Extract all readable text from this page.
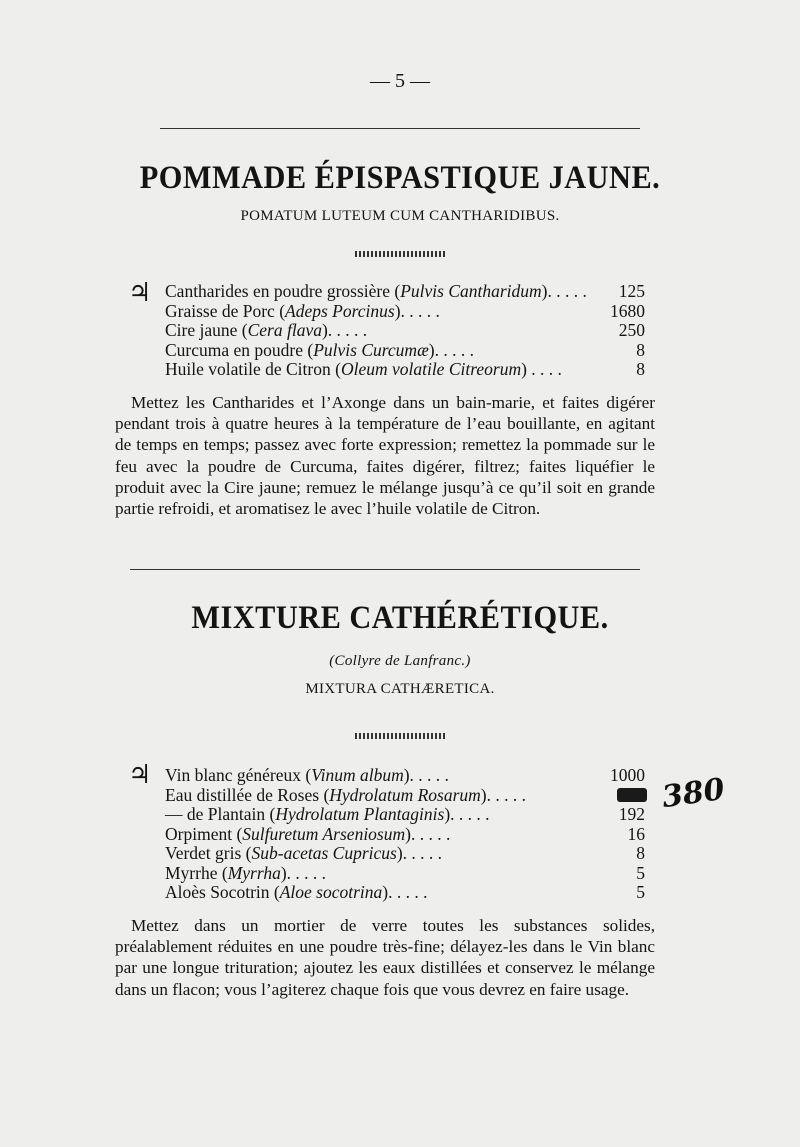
— 5 —
POMMADE ÉPISPASTIQUE JAUNE.
POMATUM LUTEUM CUM CANTHARIDIBUS.
♃ Cantharides en poudre grossière (Pulvis Cantharidum). . . . .	125
Graisse de Porc (Adeps Porcinus). . . . .	1680
Cire jaune (Cera flava). . . . .	250
Curcuma en poudre (Pulvis Curcumæ). . . . .	8
Huile volatile de Citron (Oleum volatile Citreorum) . . . .	8
Mettez les Cantharides et l’Axonge dans un bain-marie, et faites digérer pendant trois à quatre heures à la température de l’eau bouillante, en agitant de temps en temps; passez avec forte expression; remettez la pommade sur le feu avec la poudre de Curcuma, faites digérer, filtrez; faites liquéfier le produit avec la Cire jaune; remuez le mélange jusqu’à ce qu’il soit en grande partie refroidi, et aromatisez le avec l’huile volatile de Citron.
MIXTURE CATHÉRÉTIQUE.
(Collyre de Lanfranc.)
MIXTURA CATHÆRETICA.
♃ Vin blanc généreux (Vinum album). . . . .	1000
Eau distillée de Roses (Hydrolatum Rosarum). . . . .
— de Plantain (Hydrolatum Plantaginis). . . . .	192
Orpiment (Sulfuretum Arseniosum). . . . .	16
Verdet gris (Sub-acetas Cupricus). . . . .	8
Myrrhe (Myrrha). . . . .	5
Aloès Socotrin (Aloe socotrina). . . . .	5
380
Mettez dans un mortier de verre toutes les substances solides, préalablement réduites en une poudre très-fine; délayez-les dans le Vin blanc par une longue trituration; ajoutez les eaux distillées et conservez le mélange dans un flacon; vous l’agiterez chaque fois que vous devrez en faire usage.
